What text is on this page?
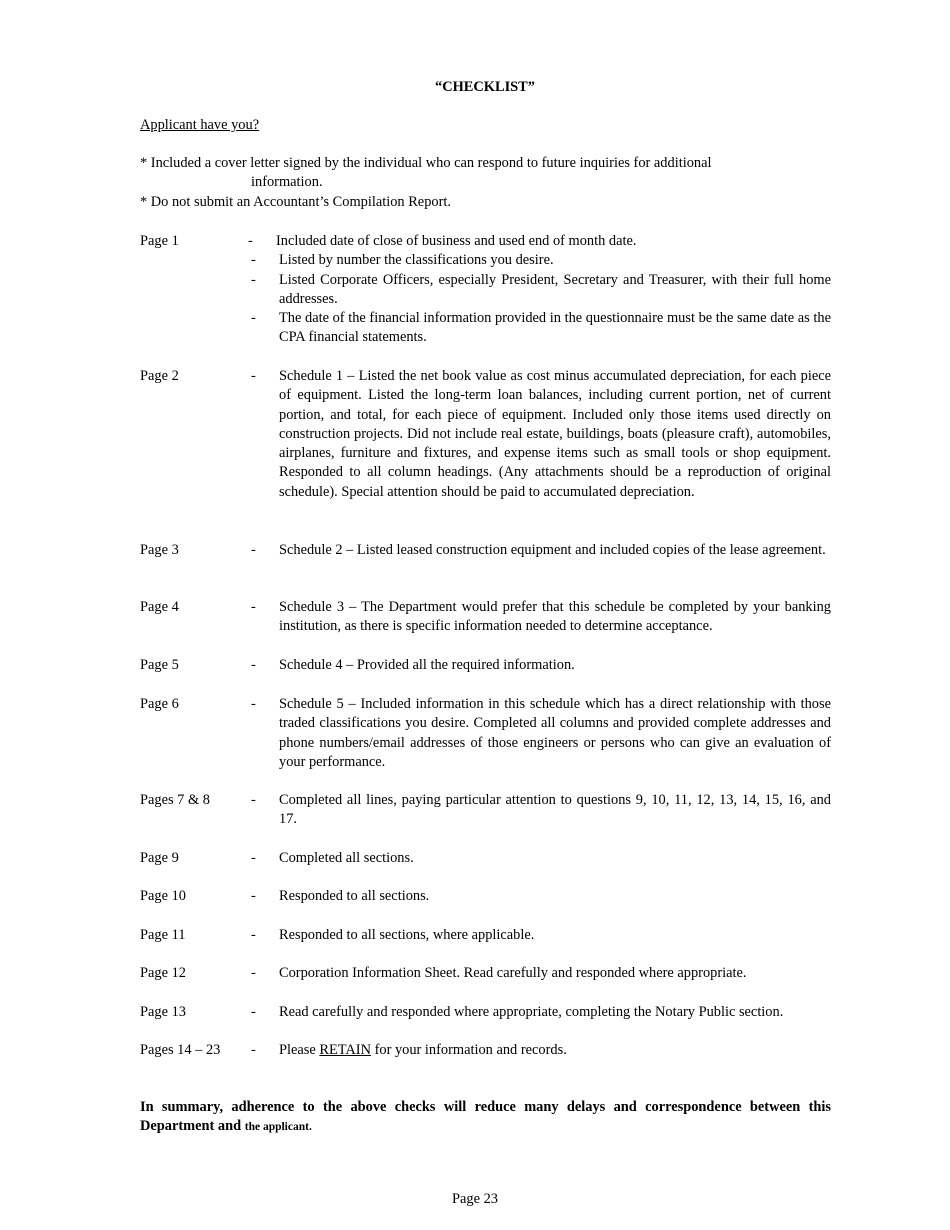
“CHECKLIST”
Applicant have you?

* Included a cover letter signed by the individual who can respond to future inquiries for additional

information.

* Do not submit an Accountant’s Compilation Report.

Page 1	- Included date of close of business and used end of month date.
- Listed by number the classifications you desire.
- Listed Corporate Officers, especially President, Secretary and Treasurer, with their full home addresses.
- The date of the financial information provided in the questionnaire must be the same date as the CPA financial statements.
Page 2	- Schedule 1 – Listed the net book value as cost minus accumulated depreciation, for each piece of equipment. Listed the long-term loan balances, including current portion, net of current portion, and total, for each piece of equipment. Included only those items used directly on construction projects. Did not include real estate, buildings, boats (pleasure craft), automobiles, airplanes, furniture and fixtures, and expense items such as small tools or shop equipment. Responded to all column headings. (Any attachments should be a reproduction of original schedule). Special attention should be paid to accumulated depreciation.
Page 3	- Schedule 2 – Listed leased construction equipment and included copies of the lease agreement.
Page 4	- Schedule 3 – The Department would prefer that this schedule be completed by your banking institution, as there is specific information needed to determine acceptance.
Page 5	- Schedule 4 – Provided all the required information.
Page 6	- Schedule 5 – Included information in this schedule which has a direct relationship with those traded classifications you desire. Completed all columns and provided complete addresses and phone numbers/email addresses of those engineers or persons who can give an evaluation of your performance.
Pages 7 & 8	- Completed all lines, paying particular attention to questions 9, 10, 11, 12, 13, 14, 15, 16, and 17.
Page 9	- Completed all sections.
Page 10	- Responded to all sections.
Page 11	- Responded to all sections, where applicable.
Page 12	- Corporation Information Sheet. Read carefully and responded where appropriate.
Page 13	- Read carefully and responded where appropriate, completing the Notary Public section.
Pages 14 – 23 - Please RETAIN for your information and records.
In summary, adherence to the above checks will reduce many delays and correspondence between this Department and the applicant.
Page 23
